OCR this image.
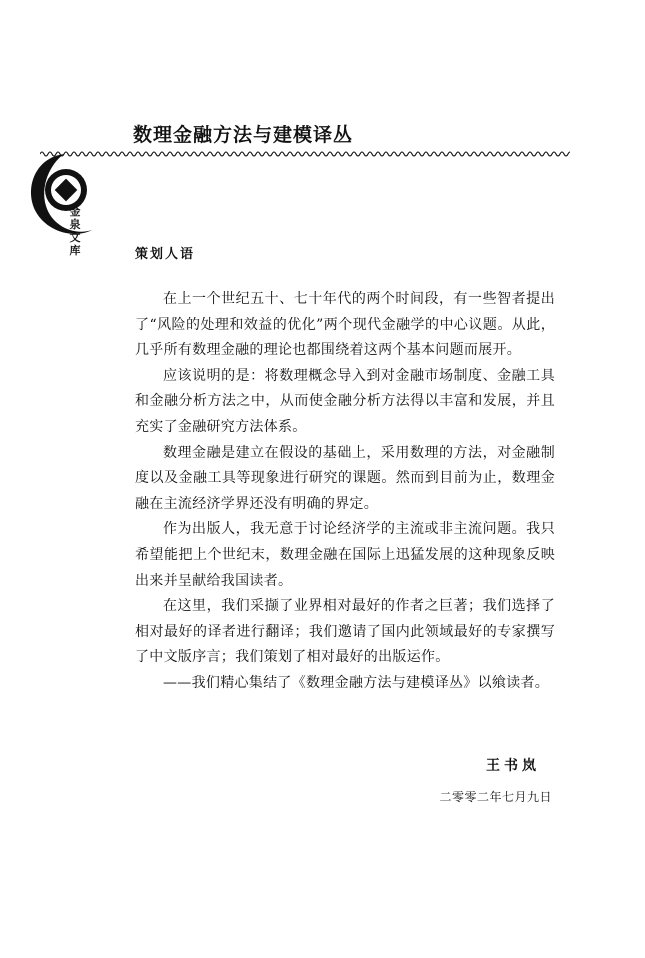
数理金融方法与建模译丛
金泉文库	策划人语

在上一个世纪五十、七十年代的两个时间段，有一些智者提出了“风险的处理和效益的优化”两个现代金融学的中心议题。从此，几乎所有数理金融的理论也都围绕着这两个基本问题而展开。

应该说明的是：将数理概念导入到对金融市场制度、金融工具和金融分析方法之中，从而使金融分析方法得以丰富和发展，并且充实了金融研究方法体系。

数理金融是建立在假设的基础上，采用数理的方法，对金融制度以及金融工具等现象进行研究的课题。然而到目前为止，数理金融在主流经济学界还没有明确的界定。

作为出版人，我无意于讨论经济学的主流或非主流问题。我只希望能把上个世纪末，数理金融在国际上迅猛发展的这种现象反映出来并呈献给我国读者。

在这里，我们采撷了业界相对最好的作者之巨著；我们选择了相对最好的译者进行翻译；我们邀请了国内此领域最好的专家撰写了中文版序言；我们策划了相对最好的出版运作。

——我们精心集结了《数理金融方法与建模译丛》以飨读者。

王书岚
二零零二年七月九日
